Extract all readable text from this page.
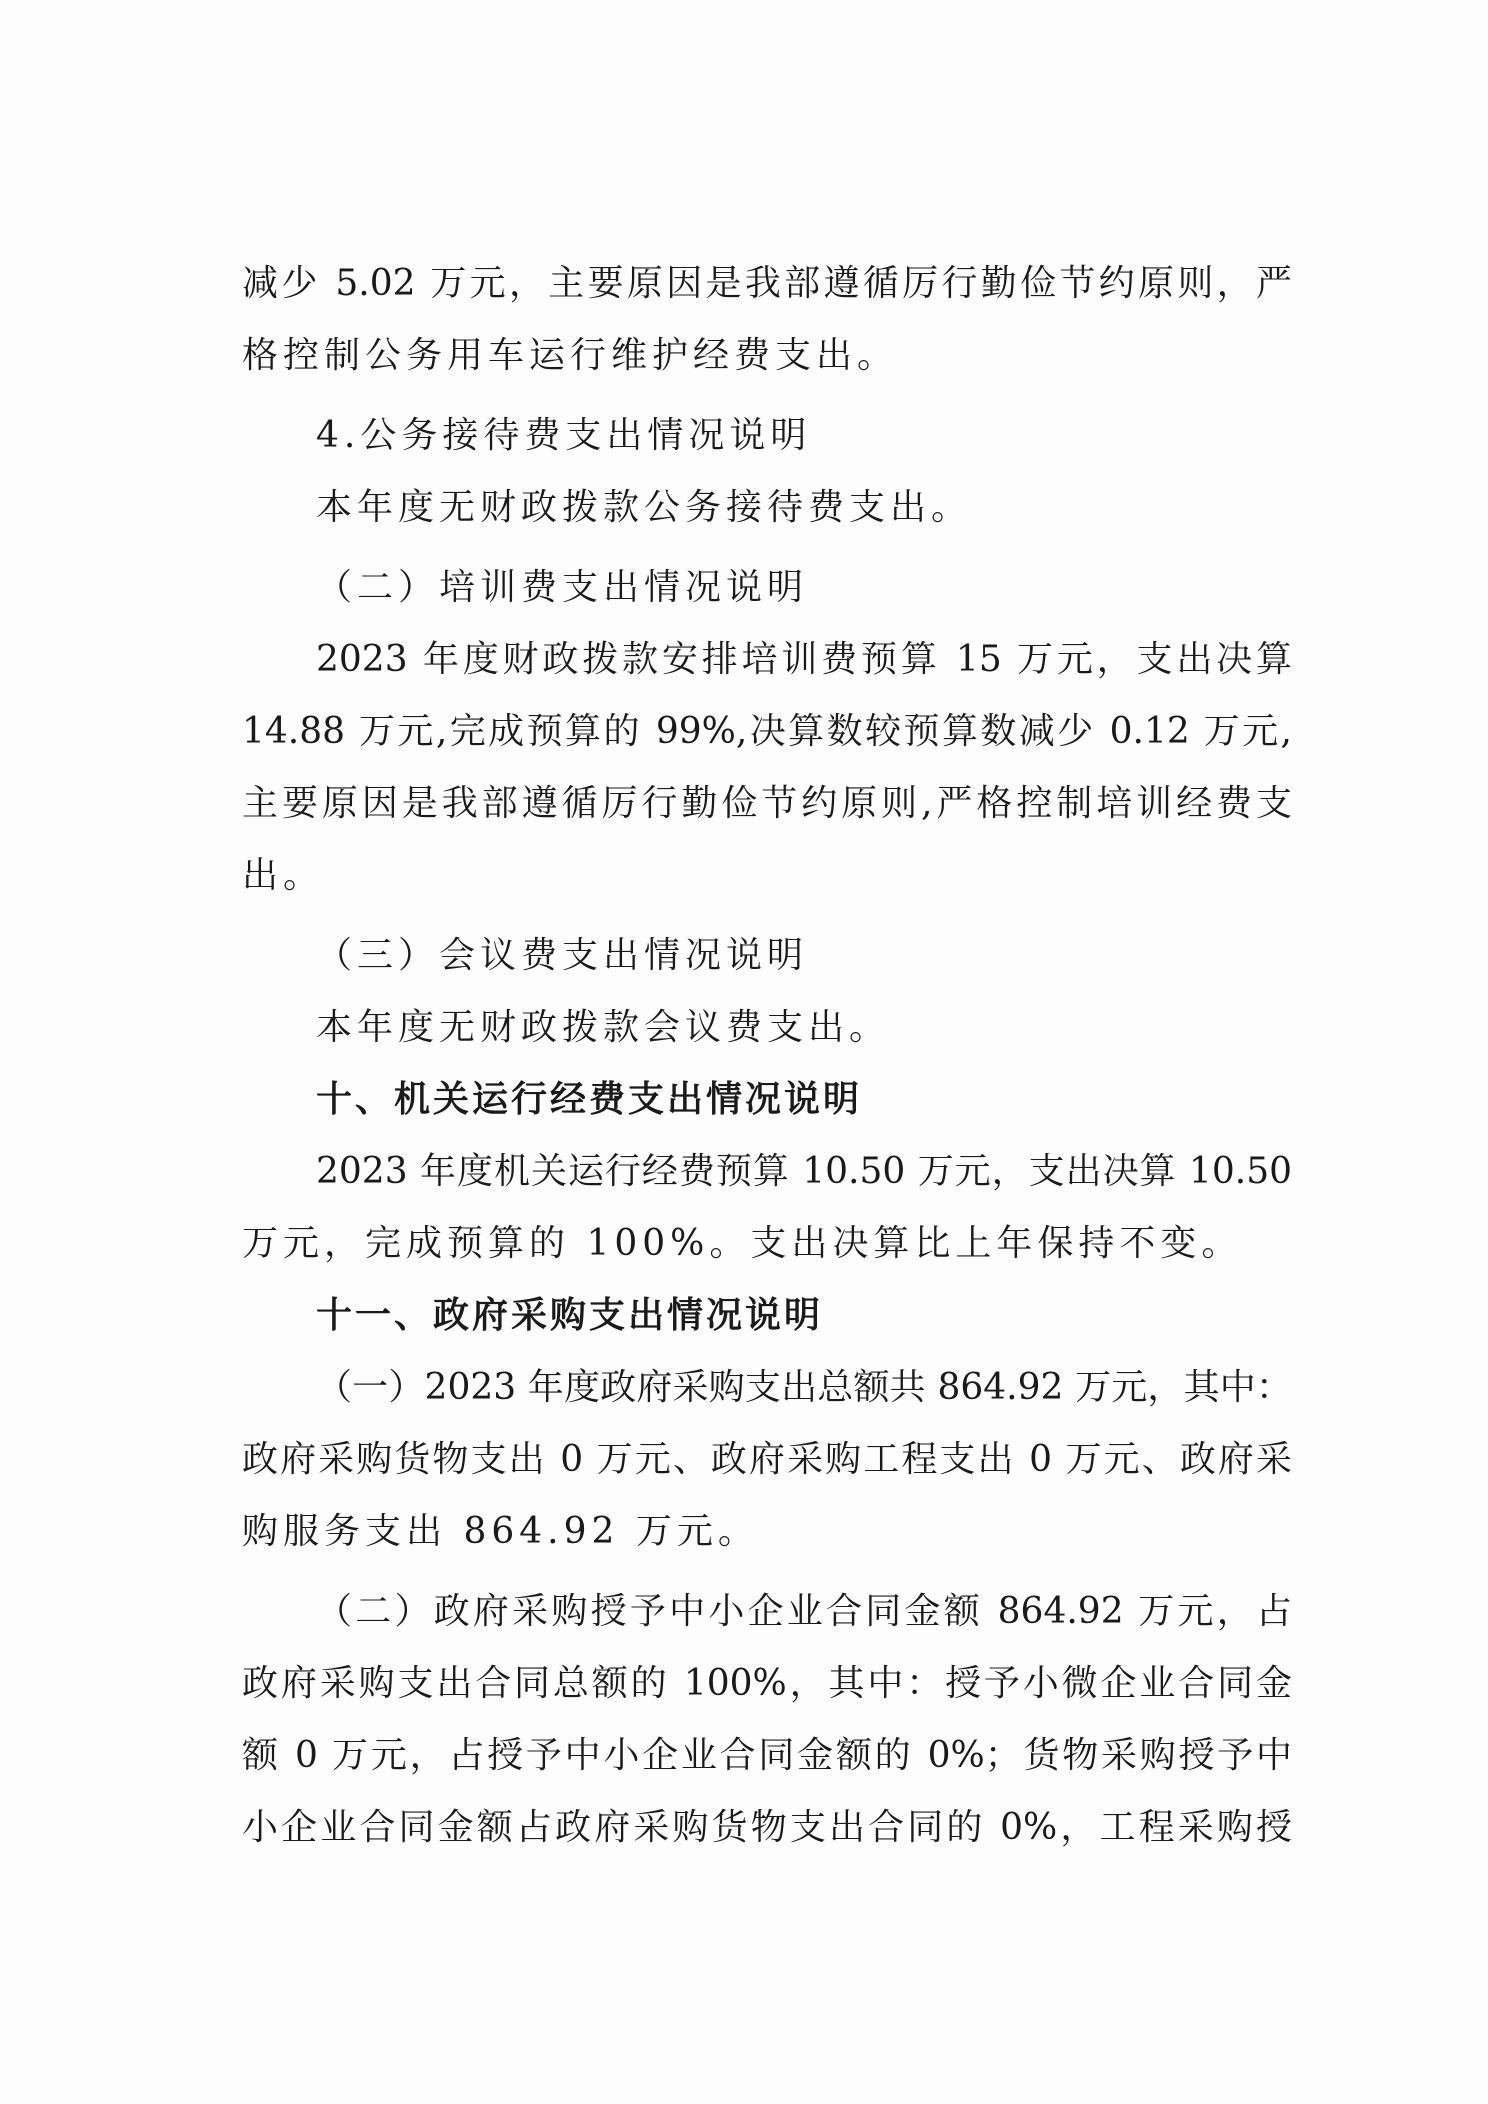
减少 5.02 万元，主要原因是我部遵循厉行勤俭节约原则，严
格控制公务用车运行维护经费支出。
4.公务接待费支出情况说明
本年度无财政拨款公务接待费支出。
（二）培训费支出情况说明
2023 年度财政拨款安排培训费预算 15 万元，支出决算
14.88 万元,完成预算的 99%,决算数较预算数减少 0.12 万元,
主要原因是我部遵循厉行勤俭节约原则,严格控制培训经费支
出。
（三）会议费支出情况说明
本年度无财政拨款会议费支出。
十、机关运行经费支出情况说明
2023 年度机关运行经费预算 10.50 万元，支出决算 10.50
万元，完成预算的 100%。支出决算比上年保持不变。
十一、政府采购支出情况说明
（一）2023 年度政府采购支出总额共 864.92 万元，其中：
政府采购货物支出 0 万元、政府采购工程支出 0 万元、政府采
购服务支出 864.92 万元。
（二）政府采购授予中小企业合同金额 864.92 万元，占
政府采购支出合同总额的 100%，其中：授予小微企业合同金
额 0 万元，占授予中小企业合同金额的 0%；货物采购授予中
小企业合同金额占政府采购货物支出合同的 0%，工程采购授
